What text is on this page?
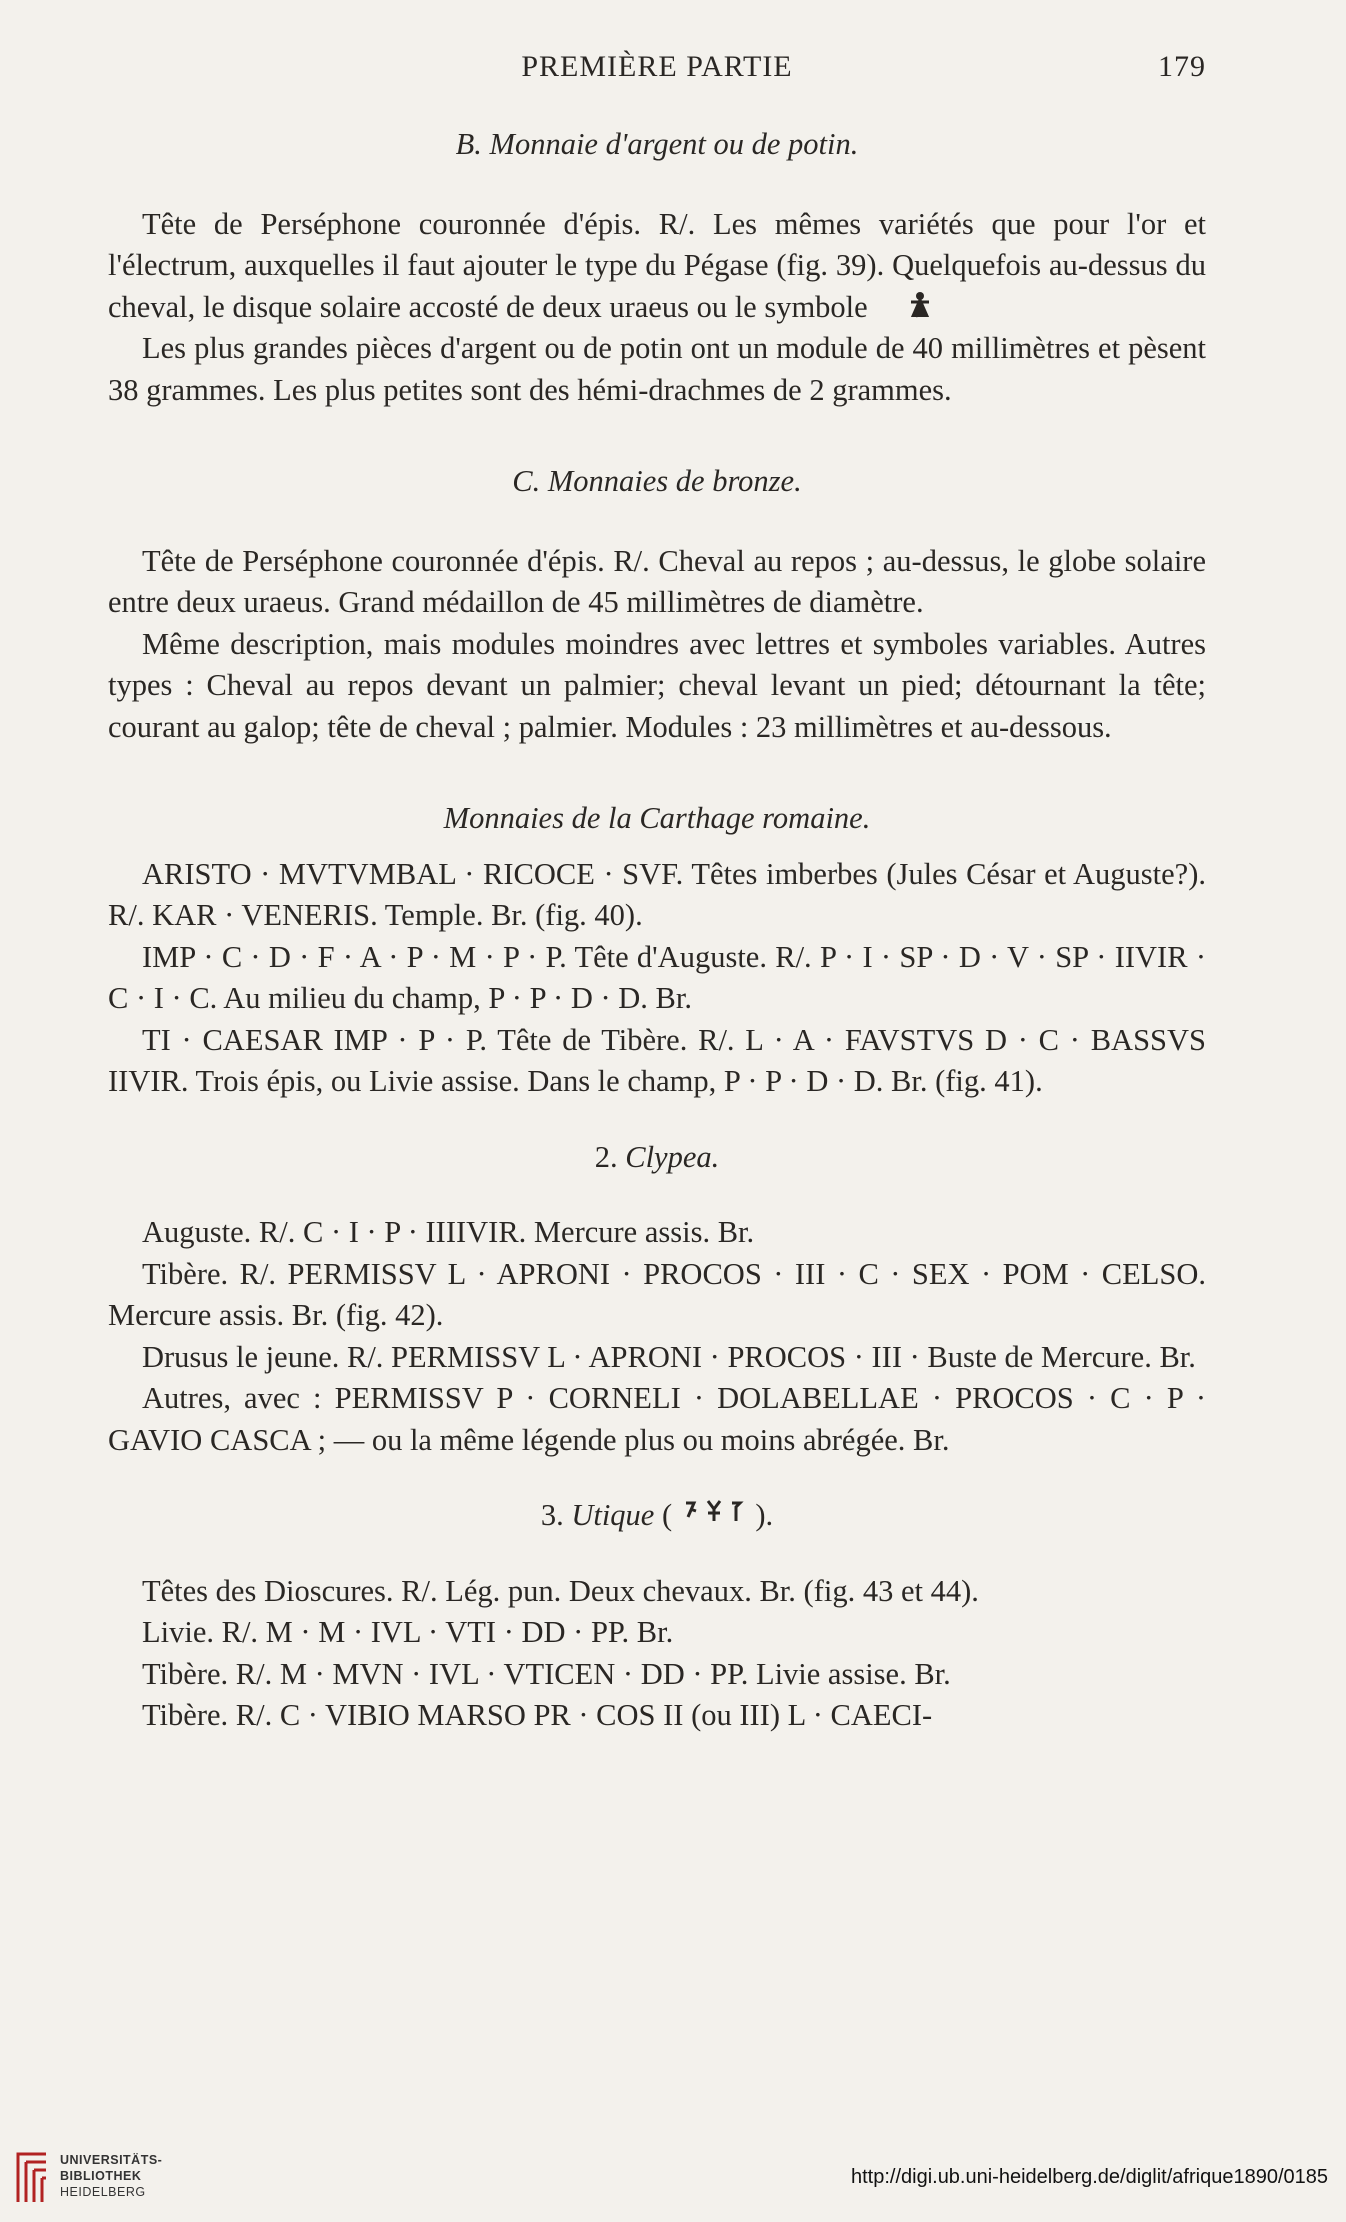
PREMIÈRE PARTIE	179
B. Monnaie d'argent ou de potin.

Tête de Perséphone couronnée d'épis. R/. Les mêmes variétés que pour l'or et l'électrum, auxquelles il faut ajouter le type du Pégase (fig. 39). Quelquefois au-dessus du cheval, le disque solaire accosté de deux uraeus ou le symbole .

Les plus grandes pièces d'argent ou de potin ont un module de 40 millimètres et pèsent 38 grammes. Les plus petites sont des hémi-drachmes de 2 grammes.

C. Monnaies de bronze.

Tête de Perséphone couronnée d'épis. R/. Cheval au repos ; au-dessus, le globe solaire entre deux uraeus. Grand médaillon de 45 millimètres de diamètre.

Même description, mais modules moindres avec lettres et symboles variables. Autres types : Cheval au repos devant un palmier; cheval levant un pied; détournant la tête; courant au galop; tête de cheval ; palmier. Modules : 23 millimètres et au-dessous.

Monnaies de la Carthage romaine.

ARISTO · MVTVMBAL · RICOCE · SVF. Têtes imberbes (Jules César et Auguste?). R/. KAR · VENERIS. Temple. Br. (fig. 40).

IMP · C · D · F · A · P · M · P · P. Tête d'Auguste. R/. P · I · SP · D · V · SP · IIVIR · C · I · C. Au milieu du champ, P · P · D · D. Br.

TI · CAESAR IMP · P · P. Tête de Tibère. R/. L · A · FAVSTVS D · C · BASSVS IIVIR. Trois épis, ou Livie assise. Dans le champ, P · P · D · D. Br. (fig. 41).

2. Clypea.

Auguste. R/. C · I · P · IIIIVIR. Mercure assis. Br.

Tibère. R/. PERMISSV L · APRONI · PROCOS · III · C · SEX · POM · CELSO. Mercure assis. Br. (fig. 42).

Drusus le jeune. R/. PERMISSV L · APRONI · PROCOS · III · Buste de Mercure. Br.

Autres, avec : PERMISSV P · CORNELI · DOLABELLAE · PROCOS · C · P · GAVIO CASCA ; — ou la même légende plus ou moins abrégée. Br.

3. Utique (	).

Têtes des Dioscures. R/. Lég. pun. Deux chevaux. Br. (fig. 43 et 44).

Livie. R/. M · M · IVL · VTI · DD · PP. Br.

Tibère. R/. M · MVN · IVL · VTICEN · DD · PP. Livie assise. Br.

Tibère. R/. C · VIBIO MARSO PR · COS II (ou III) L · CAECI-

UNIVERSITÄTS-
BIBLIOTHEK
HEIDELBERG
http://digi.ub.uni-heidelberg.de/diglit/afrique1890/0185
